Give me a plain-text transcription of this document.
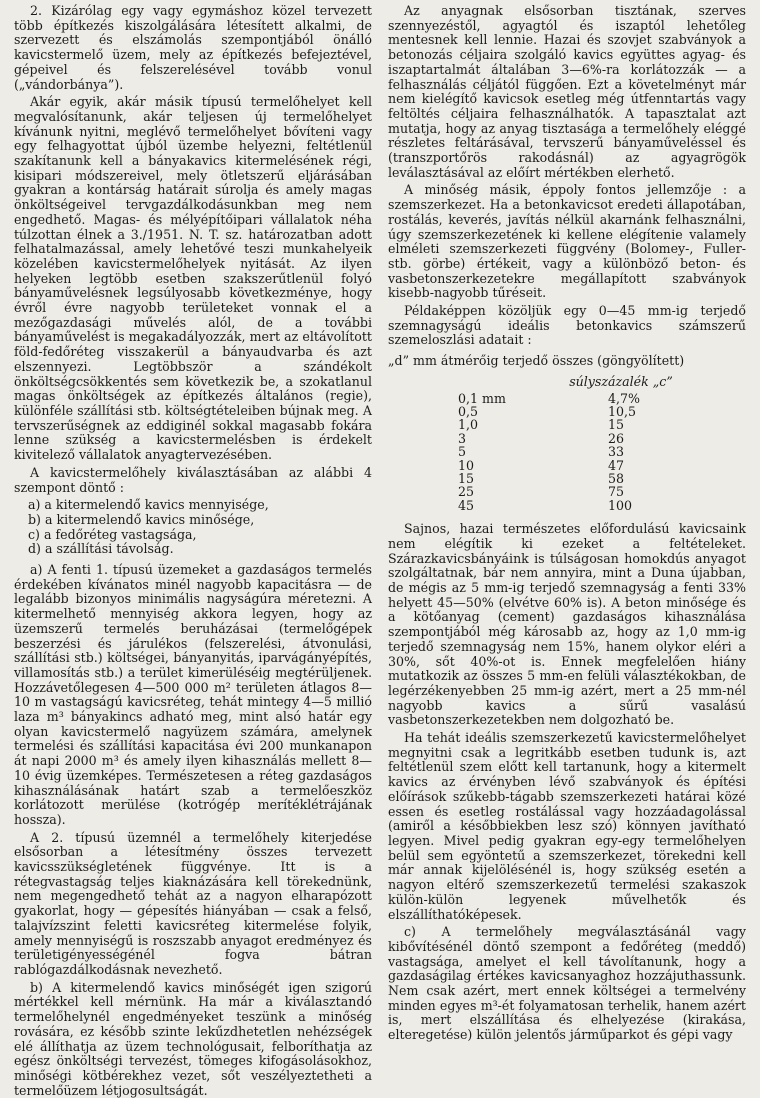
2. Kizárólag egy vagy egymáshoz közel tervezett több építkezés kiszolgálására létesített alkalmi, de szervezett és elszámolás szempontjából önálló kavicstermelő üzem, mely az építkezés befejeztével, gépeivel és felszerelésével tovább vonul („vándorbánya”).

Akár egyik, akár másik típusú termelőhelyet kell megvalósítanunk, akár teljesen új termelőhelyet kívánunk nyitni, meglévő termelőhelyet bővíteni vagy egy felhagyottat újból üzembe helyezni, feltétlenül szakítanunk kell a bányakavics kitermelésének régi, kisipari módszereivel, mely ötletszerű eljárásában gyakran a kontárság határait súrolja és amely magas önköltségeivel tervgazdálkodásunkban meg nem engedhető. Magas- és mélyépítőipari vállalatok néha túlzottan élnek a 3./1951. N. T. sz. határozatban adott felhatalmazással, amely lehetővé teszi munkahelyeik közelében kavicstermelőhelyek nyitását. Az ilyen helyeken legtöbb esetben szakszerűtlenül folyó bányaművelésnek legsúlyosabb következménye, hogy évről évre nagyobb területeket vonnak el a mezőgazdasági művelés alól, de a további bányaművelést is megakadályozzák, mert az eltávolított föld-fedőréteg visszakerül a bányaudvarba és azt elszennyezi. Legtöbbször a szándékolt önköltségcsökkentés sem következik be, a szokatlanul magas önköltségek az építkezés általános (regie), különféle szállítási stb. költségtételeiben bújnak meg. A tervszerűségnek az eddiginél sokkal magasabb fokára lenne szükség a kavicstermelésben is érdekelt kivitelező vállalatok anyagtervezésében.

A kavicstermelőhely kiválasztásában az alábbi 4 szempont döntő :

a) a kitermelendő kavics mennyisége,
b) a kitermelendő kavics minősége,
c) a fedőréteg vastagsága,
d) a szállítási távolság.

a) A fenti 1. típusú üzemeket a gazdaságos termelés érdekében kívánatos minél nagyobb kapacitásra — de legalább bizonyos minimális nagyságúra méretezni. A kitermelhető mennyiség akkora legyen, hogy az üzemszerű termelés beruházásai (termelőgépek beszerzési és járulékos (felszerelési, átvonulási, szállítási stb.) költségei, bányanyitás, iparvágányépítés, villamosítás stb.) a terület kimerüléséig megtérüljenek. Hozzávetőlegesen 4—500 000 m² területen átlagos 8—10 m vastagságú kavicsréteg, tehát mintegy 4—5 millió laza m³ bányakincs adható meg, mint alsó határ egy olyan kavicstermelő nagyüzem számára, amelynek termelési és szállítási kapacitása évi 200 munkanapon át napi 2000 m³ és amely ilyen kihasználás mellett 8—10 évig üzemképes. Természetesen a réteg gazdaságos kihasználásának határt szab a termelőeszköz korlátozott merülése (kotrógép merítéklétrájának hossza).

A 2. típusú üzemnél a termelőhely kiterjedése elsősorban a létesítmény összes tervezett kavicsszükségletének függvénye. Itt is a rétegvastagság teljes kiaknázására kell törekednünk, nem megengedhető tehát az a nagyon elharapózott gyakorlat, hogy — gépesítés hiányában — csak a felső, talajvízszint feletti kavicsréteg kitermelése folyik, amely mennyiségű is roszszabb anyagot eredményez és területigényességénél fogva bátran rablógazdálkodásnak nevezhető.

b) A kitermelendő kavics minőségét igen szigorú mértékkel kell mérnünk. Ha már a kiválasztandó termelőhelynél engedményeket teszünk a minőség rovására, ez később szinte lekűzdhetetlen nehézségek elé állíthatja az üzem technológusait, felboríthatja az egész önköltségi tervezést, tömeges kifogásolásokhoz, minőségi kötbérekhez vezet, sőt veszélyeztetheti a termelőüzem létjogosultságát.

Az anyagnak elsősorban tisztának, szerves szennyezéstől, agyagtól és iszaptól lehetőleg mentesnek kell lennie. Hazai és szovjet szabványok a betonozás céljaira szolgáló kavics együttes agyag- és iszaptartalmát általában 3—6%-ra korlátozzák — a felhasználás céljától függően. Ezt a követelményt már nem kielégítő kavicsok esetleg még útfenntartás vagy feltöltés céljaira felhasználhatók. A tapasztalat azt mutatja, hogy az anyag tisztasága a termelőhely eléggé részletes feltárásával, tervszerű bányaműveléssel és (transzportőrös rakodásnál) az agyagrögök leválasztásával az előírt mértékben elerhető.

A minőség másik, éppoly fontos jellemzője : a szemszerkezet. Ha a betonkavicsot eredeti állapotában, rostálás, keverés, javítás nélkül akarnánk felhasználni, úgy szemszerkezetének ki kellene elégítenie valamely elméleti szemszerkezeti függvény (Bolomey-, Fuller- stb. görbe) értékeit, vagy a különböző beton- és vasbetonszerkezetekre megállapított szabványok kisebb-nagyobb tűréseit.

Példaképpen közöljük egy 0—45 mm-ig terjedő szemnagyságú ideális betonkavics számszerű szemeloszlási adatait :

„d” mm átmérőig terjedő összes (göngyölített)
súlyszázalék „c”
0,1 mm	4,7%
0,5	10,5
1,0	15
3	26
5	33
10	47
15	58
25	75
45	100

Sajnos, hazai természetes előfordulású kavicsaink nem elégítik ki ezeket a feltételeket. Szárazkavicsbányáink is túlságosan homokdús anyagot szolgáltatnak, bár nem annyira, mint a Duna újabban, de mégis az 5 mm-ig terjedő szemnagyság a fenti 33% helyett 45—50% (elvétve 60% is). A beton minősége és a kötőanyag (cement) gazdaságos kihasználása szempontjából még károsabb az, hogy az 1,0 mm-ig terjedő szemnagyság nem 15%, hanem olykor eléri a 30%, sőt 40%-ot is. Ennek megfelelően hiány mutatkozik az összes 5 mm-en felüli választékokban, de legérzékenyebben 25 mm-ig azért, mert a 25 mm-nél nagyobb kavics a sűrű vasalású vasbetonszerkezetekben nem dolgozható be.

Ha tehát ideális szemszerkezetű kavicstermelőhelyet megnyitni csak a legritkább esetben tudunk is, azt feltétlenül szem előtt kell tartanunk, hogy a kitermelt kavics az érvényben lévő szabványok és építési előírások szűkebb-tágabb szemszerkezeti határai közé essen és esetleg rostálással vagy hozzáadagolással (amiről a későbbiekben lesz szó) könnyen javítható legyen. Mivel pedig gyakran egy-egy termelőhelyen belül sem egyöntetű a szemszerkezet, törekedni kell már annak kijelölésénél is, hogy szükség esetén a nagyon eltérő szemszerkezetű termelési szakaszok külön-külön legyenek művelhetők és elszállíthatóképesek.

c) A termelőhely megválasztásánál vagy kibővítésénél döntő szempont a fedőréteg (meddő) vastagsága, amelyet el kell távolítanunk, hogy a gazdaságilag értékes kavicsanyaghoz hozzájuthassunk. Nem csak azért, mert ennek költségei a termelvény minden egyes m³-ét folyamatosan terhelik, hanem azért is, mert elszállítása és elhelyezése (kirakása, elteregetése) külön jelentős járműparkot és gépi vagy
